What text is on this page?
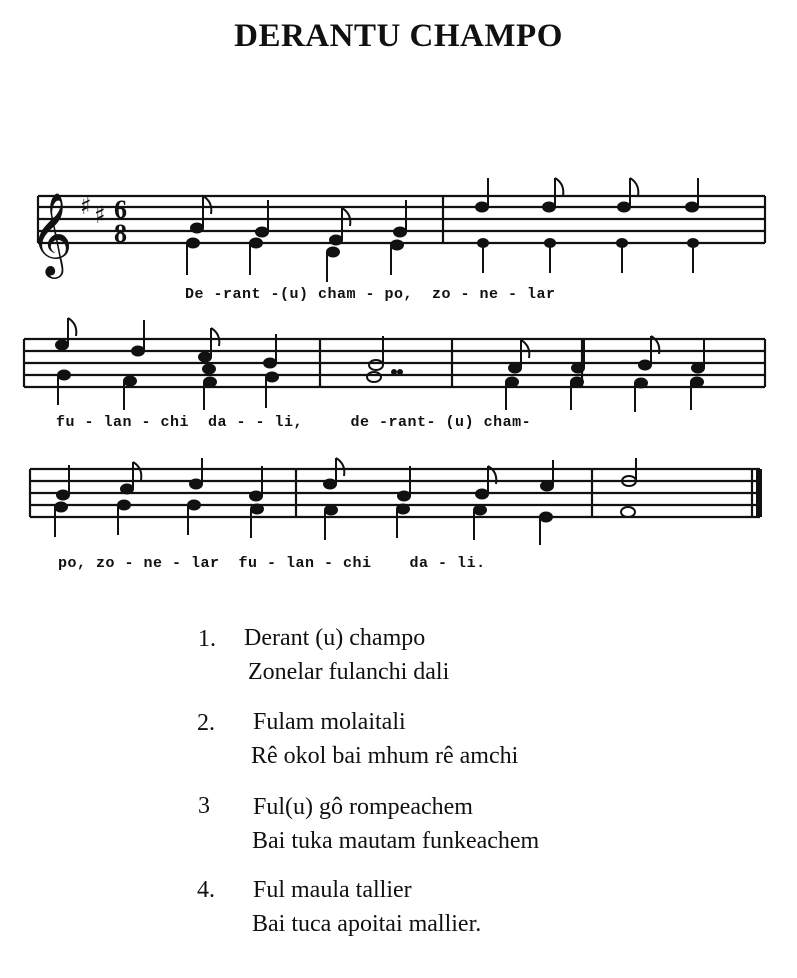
DERANTU CHAMPO
𝄞 ♯ ♯ 6
8
De -rant -(u) cham - po,  zo - ne - lar
fu - lan - chi  da - - li,     de -rant- (u) cham-
po, zo - ne - lar  fu - lan - chi    da - li.
1. Derant (u) champo
Zonelar fulanchi dali
2. Fulam molaitali
Rê okol bai mhum rê amchi
3 Ful(u) gô rompeachem
Bai tuka mautam funkeachem
4. Ful maula tallier
Bai tuca apoitai mallier.
